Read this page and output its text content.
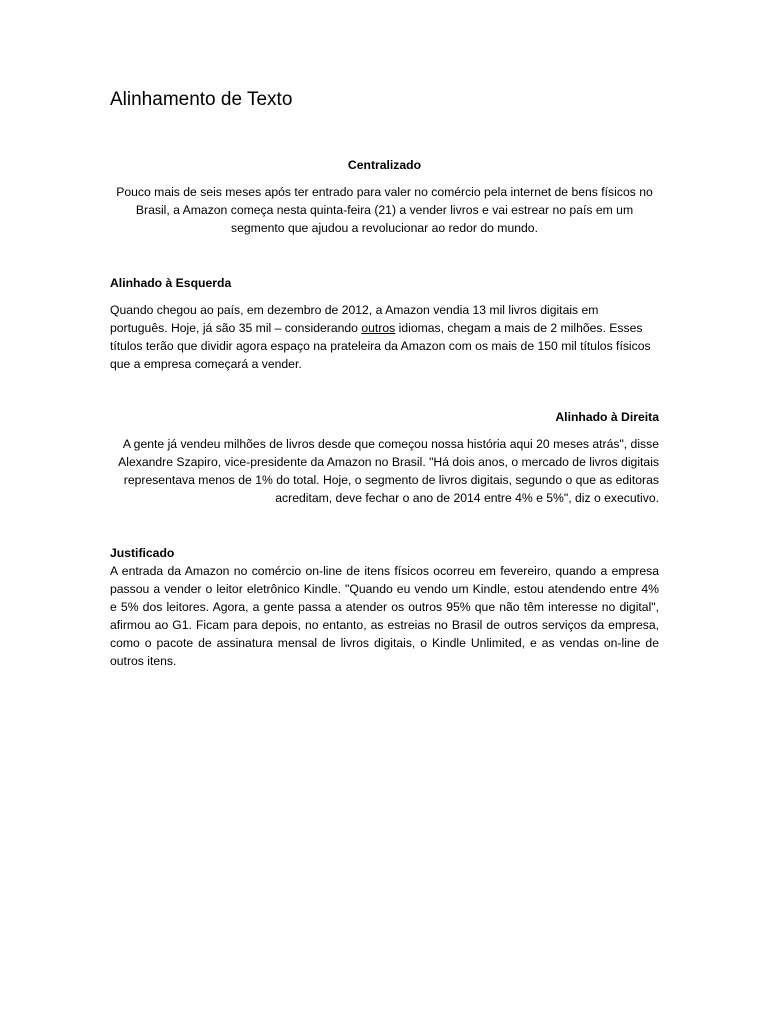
Alinhamento de Texto

Centralizado

Pouco mais de seis meses após ter entrado para valer no comércio pela internet de bens físicos no Brasil, a Amazon começa nesta quinta-feira (21) a vender livros e vai estrear no país em um segmento que ajudou a revolucionar ao redor do mundo.

Alinhado à Esquerda

Quando chegou ao país, em dezembro de 2012, a Amazon vendia 13 mil livros digitais em português. Hoje, já são 35 mil – considerando outros idiomas, chegam a mais de 2 milhões. Esses títulos terão que dividir agora espaço na prateleira da Amazon com os mais de 150 mil títulos físicos que a empresa começará a vender.

Alinhado à Direita

A gente já vendeu milhões de livros desde que começou nossa história aqui 20 meses atrás", disse Alexandre Szapiro, vice-presidente da Amazon no Brasil. "Há dois anos, o mercado de livros digitais representava menos de 1% do total. Hoje, o segmento de livros digitais, segundo o que as editoras acreditam, deve fechar o ano de 2014 entre 4% e 5%", diz o executivo.

Justificado

A entrada da Amazon no comércio on-line de itens físicos ocorreu em fevereiro, quando a empresa passou a vender o leitor eletrônico Kindle. "Quando eu vendo um Kindle, estou atendendo entre 4% e 5% dos leitores. Agora, a gente passa a atender os outros 95% que não têm interesse no digital", afirmou ao G1. Ficam para depois, no entanto, as estreias no Brasil de outros serviços da empresa, como o pacote de assinatura mensal de livros digitais, o Kindle Unlimited, e as vendas on-line de outros itens.
